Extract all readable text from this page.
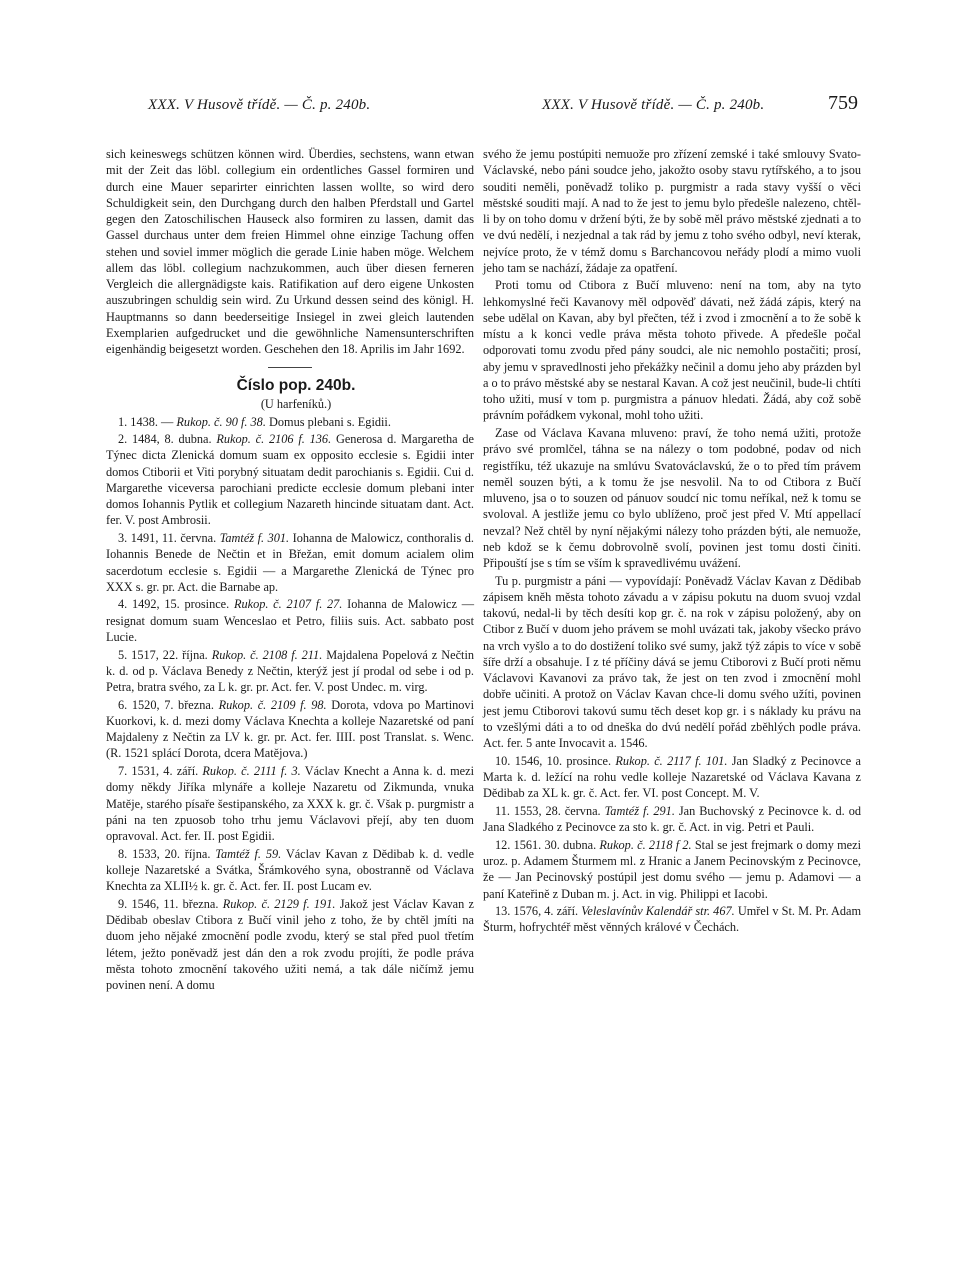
XXX. V Husově třídě. — Č. p. 240b.	XXX. V Husově třídě. — Č. p. 240b.	759

sich keineswegs schützen können wird. Überdies, sechstens, wann etwan mit der Zeit das löbl. collegium ein ordentliches Gassel formiren und durch eine Mauer separirter einrichten lassen wollte, so wird dero Schuldigkeit sein, den Durchgang durch den halben Pferdstall und Gartel gegen den Zatoschilischen Hauseck also formiren zu lassen, damit das Gassel durchaus unter dem freien Himmel ohne einzige Tachung offen stehen und soviel immer möglich die gerade Linie haben möge. Welchem allem das löbl. collegium nachzukommen, auch über diesen ferneren Vergleich die allergnädigste kais. Ratifikation auf dero eigene Unkosten auszubringen schuldig sein wird. Zu Urkund dessen seind des königl. H. Hauptmanns so dann beederseitige Insiegel in zwei gleich lautenden Exemplarien aufgedrucket und die gewöhnliche Namensunterschriften eigenhändig beigesetzt worden. Geschehen den 18. Aprilis im Jahr 1692.

Číslo pop. 240b.

(U harfeníků.)

1. 1438. — Rukop. č. 90 f. 38. Domus plebani s. Egidii.

2. 1484, 8. dubna. Rukop. č. 2106 f. 136. Generosa d. Margaretha de Týnec dicta Zlenická domum suam ex opposito ecclesie s. Egidii inter domos Ctiborii et Viti porybný situatam dedit parochianis s. Egidii. Cui d. Margarethe viceversa parochiani predicte ecclesie domum plebani inter domos Iohannis Pytlik et collegium Nazareth hincinde situatam dant. Act. fer. V. post Ambrosii.

3. 1491, 11. června. Tamtéž f. 301. Iohanna de Malowicz, conthoralis d. Iohannis Benede de Nečtin et in Břežan, emit domum acialem olim sacerdotum ecclesie s. Egidii — a Margarethe Zlenická de Týnec pro XXX s. gr. pr. Act. die Barnabe ap.

4. 1492, 15. prosince. Rukop. č. 2107 f. 27. Iohanna de Malowicz — resignat domum suam Wenceslao et Petro, filiis suis. Act. sabbato post Lucie.

5. 1517, 22. října. Rukop. č. 2108 f. 211. Majdalena Popelová z Nečtin k. d. od p. Václava Benedy z Nečtin, kterýž jest jí prodal od sebe i od p. Petra, bratra svého, za L k. gr. pr. Act. fer. V. post Undec. m. virg.

6. 1520, 7. března. Rukop. č. 2109 f. 98. Dorota, vdova po Martinovi Kuorkovi, k. d. mezi domy Václava Knechta a kolleje Nazaretské od paní Majdaleny z Nečtin za LV k. gr. pr. Act. fer. IIII. post Translat. s. Wenc. (R. 1521 splácí Dorota, dcera Matějova.)

7. 1531, 4. září. Rukop. č. 2111 f. 3. Václav Knecht a Anna k. d. mezi domy někdy Jiříka mlynáře a kolleje Nazaretu od Zikmunda, vnuka Matěje, starého písaře šestipanského, za XXX k. gr. č. Však p. purgmistr a páni na ten zpuosob toho trhu jemu Václavovi přejí, aby ten duom opravoval. Act. fer. II. post Egidii.

8. 1533, 20. října. Tamtéž f. 59. Václav Kavan z Dědibab k. d. vedle kolleje Nazaretské a Svátka, Šrámkového syna, obostranně od Václava Knechta za XLII½ k. gr. č. Act. fer. II. post Lucam ev.

9. 1546, 11. března. Rukop. č. 2129 f. 191. Jakož jest Václav Kavan z Dědibab obeslav Ctibora z Bučí vinil jeho z toho, že by chtěl jmíti na duom jeho nějaké zmocnění podle zvodu, který se stal před puol třetím létem, ježto poněvadž jest dán den a rok zvodu projíti, že podle práva města tohoto zmocnění takového užiti nemá, a tak dále ničímž jemu povinen není. A domu

svého že jemu postúpiti nemuože pro zřízení zemské i také smlouvy Svato-Václavské, nebo páni soudce jeho, jakožto osoby stavu rytířského, a to jsou souditi neměli, poněvadž toliko p. purgmistr a rada stavy vyšší o věci městské souditi mají. A nad to že jest to jemu bylo předešle nalezeno, chtěl-li by on toho domu v držení býti, že by sobě měl právo městské zjednati a to ve dvú nedělí, i nezjednal a tak rád by jemu z toho svého odbyl, neví kterak, nejvíce proto, že v témž domu s Barchancovou neřády plodí a mimo vuoli jeho tam se nachází, žádaje za opatření.

Proti tomu od Ctibora z Bučí mluveno: není na tom, aby na tyto lehkomyslné řeči Kavanovy měl odpověď dávati, než žádá zápis, který na sebe udělal on Kavan, aby byl přečten, též i zvod i zmocnění a to že sobě k místu a k konci vedle práva města tohoto přivede. A předešle počal odporovati tomu zvodu před pány soudci, ale nic nemohlo postačiti; prosí, aby jemu v spravedlnosti jeho překážky nečinil a domu jeho aby prázden byl a o to právo městské aby se nestaral Kavan. A což jest neučinil, bude-li chtíti toho užiti, musí v tom p. purgmistra a pánuov hledati. Žádá, aby což sobě právním pořádkem vykonal, mohl toho užiti.

Zase od Václava Kavana mluveno: praví, že toho nemá užiti, protože právo své promlčel, táhna se na nálezy o tom podobné, podav od nich registříku, též ukazuje na smlúvu Svatováclavskú, že o to před tím právem neměl souzen býti, a k tomu že jse nesvolil. Na to od Ctibora z Bučí mluveno, jsa o to souzen od pánuov soudcí nic tomu neříkal, než k tomu se svoloval. A jestliže jemu co bylo ublíženo, proč jest před V. Mtí appellací nevzal? Než chtěl by nyní nějakými nálezy toho prázden býti, ale nemuože, neb kdož se k čemu dobrovolně svolí, povinen jest tomu dosti činiti. Připouští jse s tím se vším k spravedlivému uvážení.

Tu p. purgmistr a páni — vypovídají: Poněvadž Václav Kavan z Dědibab zápisem kněh města tohoto závadu a v zápisu pokutu na duom svuoj vzdal takovú, nedal-li by těch desíti kop gr. č. na rok v zápisu položený, aby on Ctibor z Bučí v duom jeho právem se mohl uvázati tak, jakoby všecko právo na vrch vyšlo a to do dostižení toliko své sumy, jakž týž zápis to více v sobě šíře drží a obsahuje. I z té příčiny dává se jemu Ctiborovi z Bučí proti němu Václavovi Kavanovi za právo tak, že jest on ten zvod i zmocnění mohl dobře učiniti. A protož on Václav Kavan chce-li domu svého užíti, povinen jest jemu Ctiborovi takovú sumu těch deset kop gr. i s náklady ku právu na to vzešlými dáti a to od dneška do dvú nedělí pořád zběhlých podle práva. Act. fer. 5 ante Invocavit a. 1546.

10. 1546, 10. prosince. Rukop. č. 2117 f. 101. Jan Sladký z Pecinovce a Marta k. d. ležící na rohu vedle kolleje Nazaretské od Václava Kavana z Dědibab za XL k. gr. č. Act. fer. VI. post Concept. M. V.

11. 1553, 28. června. Tamtéž f. 291. Jan Buchovský z Pecinovce k. d. od Jana Sladkého z Pecinovce za sto k. gr. č. Act. in vig. Petri et Pauli.

12. 1561. 30. dubna. Rukop. č. 2118 f 2. Stal se jest frejmark o domy mezi uroz. p. Adamem Šturmem ml. z Hranic a Janem Pecinovským z Pecinovce, že — Jan Pecinovský postúpil jest domu svého — jemu p. Adamovi — a paní Kateřině z Duban m. j. Act. in vig. Philippi et Iacobi.

13. 1576, 4. září. Veleslavínův Kalendář str. 467. Umřel v St. M. Pr. Adam Šturm, hofrychtéř měst věnných králové v Čechách.
